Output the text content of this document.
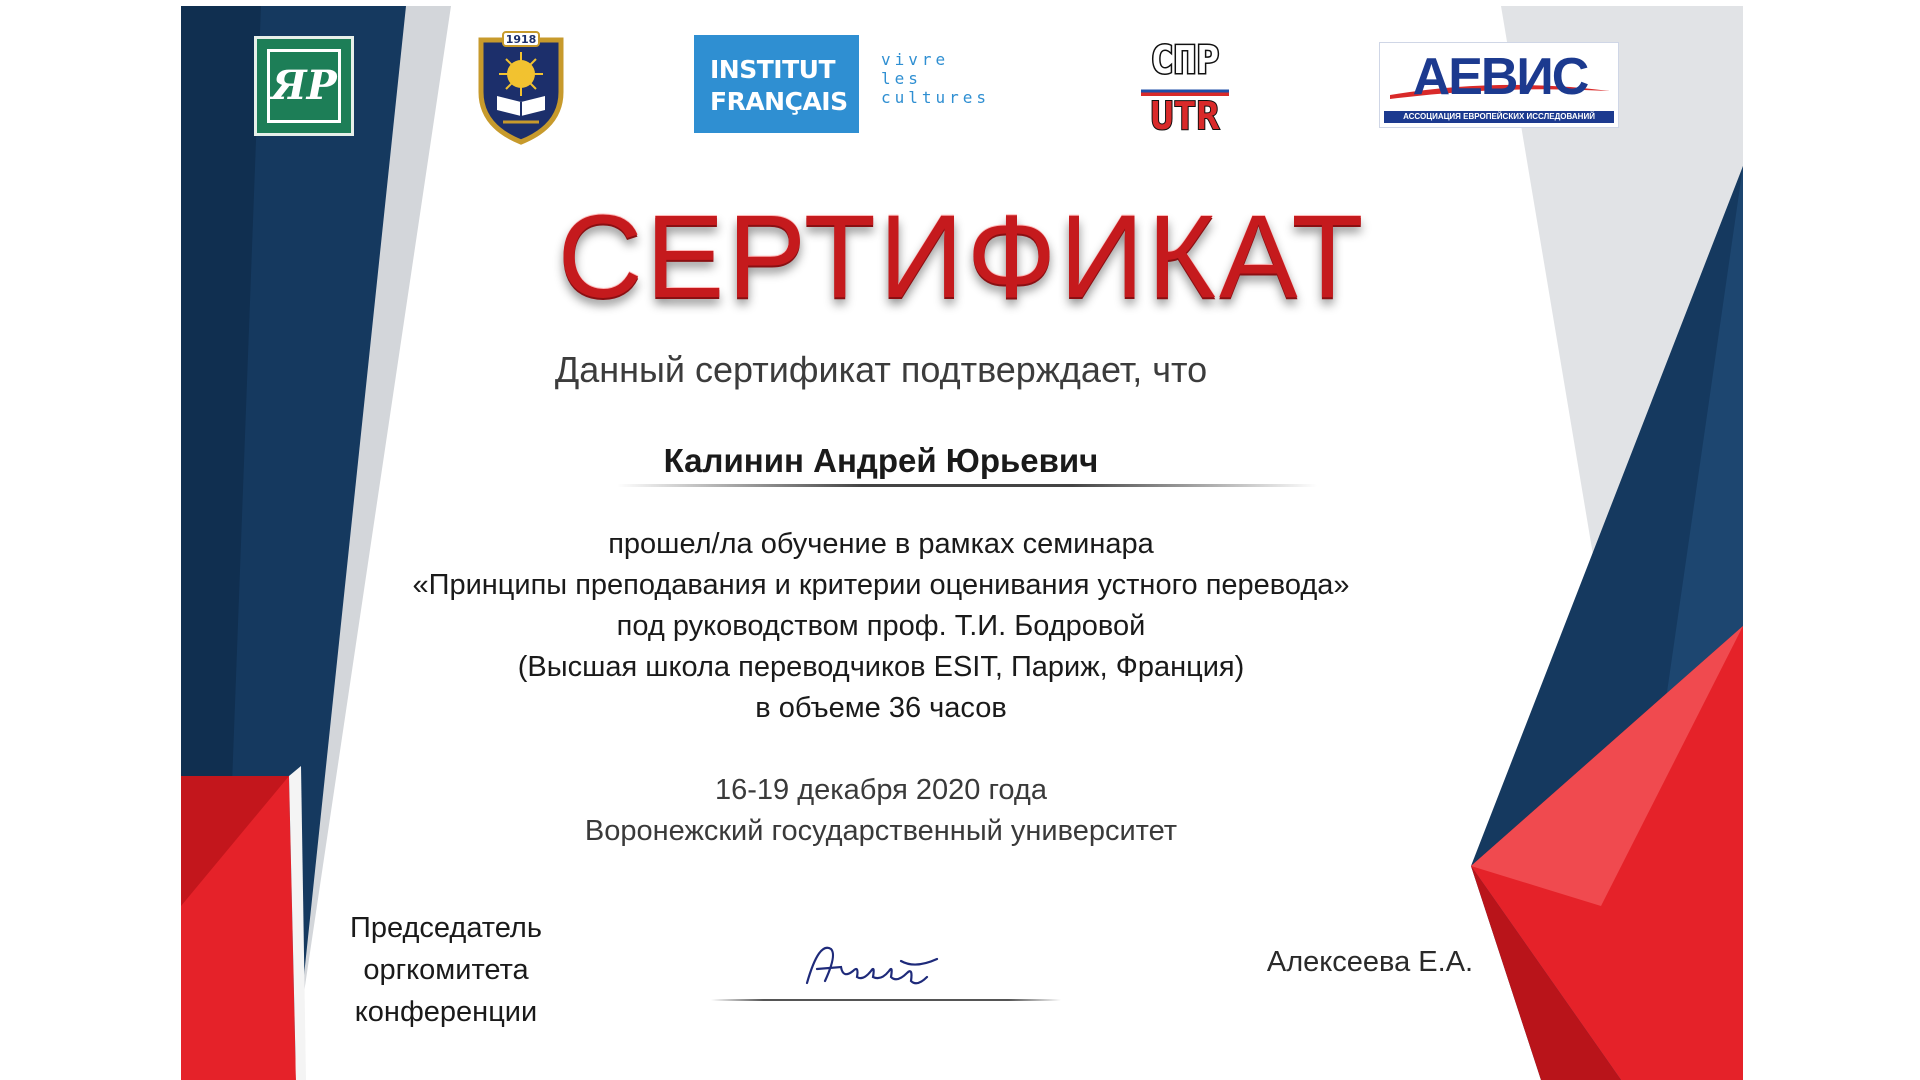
ЯР
1918
INSTITUT
FRANÇAIS
vivre
les
cultures
СПР
UTR
АЕВИС
АССОЦИАЦИЯ ЕВРОПЕЙСКИХ ИССЛЕДОВАНИЙ
СЕРТИФИКАТ
Данный сертификат подтверждает, что
Калинин Андрей Юрьевич
прошел/ла обучение в рамках семинара
«Принципы преподавания и критерии оценивания устного перевода»
под руководством проф. Т.И. Бодровой
(Высшая школа переводчиков ESIT, Париж, Франция)
в объеме 36 часов
16-19 декабря 2020 года
Воронежский государственный университет
Председатель
оргкомитета
конференции
Алексеева Е.А.
